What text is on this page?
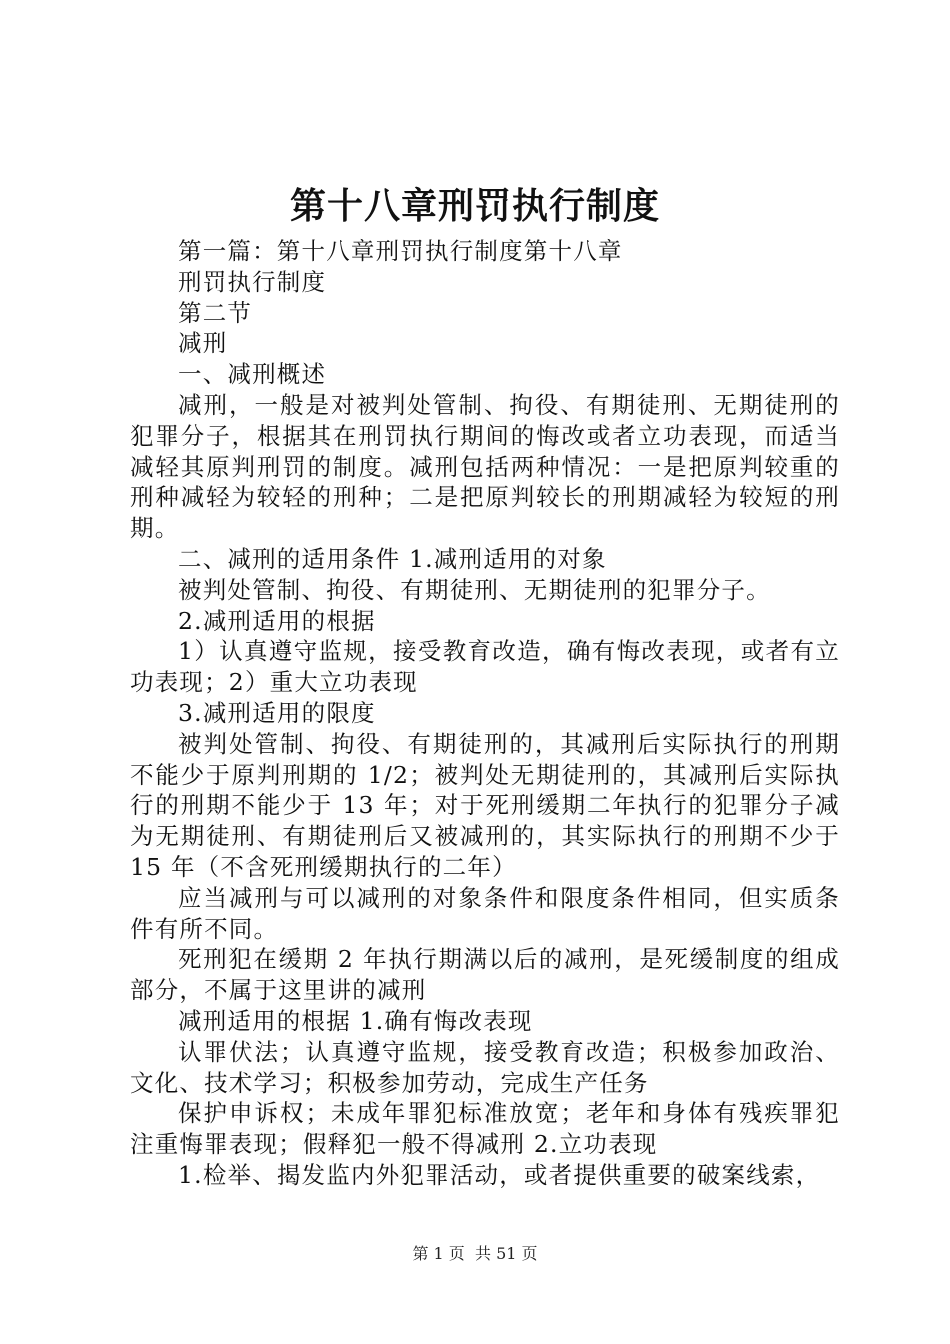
第十八章刑罚执行制度

第一篇：第十八章刑罚执行制度第十八章

刑罚执行制度

第二节

减刑

一、减刑概述

减刑，一般是对被判处管制、拘役、有期徒刑、无期徒刑的犯罪分子，根据其在刑罚执行期间的悔改或者立功表现，而适当减轻其原判刑罚的制度。减刑包括两种情况：一是把原判较重的刑种减轻为较轻的刑种；二是把原判较长的刑期减轻为较短的刑期。

二、减刑的适用条件 1.减刑适用的对象

被判处管制、拘役、有期徒刑、无期徒刑的犯罪分子。

2.减刑适用的根据

1）认真遵守监规，接受教育改造，确有悔改表现，或者有立功表现；2）重大立功表现

3.减刑适用的限度

被判处管制、拘役、有期徒刑的，其减刑后实际执行的刑期不能少于原判刑期的 1/2；被判处无期徒刑的，其减刑后实际执行的刑期不能少于 13 年；对于死刑缓期二年执行的犯罪分子减为无期徒刑、有期徒刑后又被减刑的，其实际执行的刑期不少于 15 年（不含死刑缓期执行的二年）

应当减刑与可以减刑的对象条件和限度条件相同，但实质条件有所不同。

死刑犯在缓期 2 年执行期满以后的减刑，是死缓制度的组成部分，不属于这里讲的减刑

减刑适用的根据 1.确有悔改表现

认罪伏法；认真遵守监规，接受教育改造；积极参加政治、文化、技术学习；积极参加劳动，完成生产任务

保护申诉权；未成年罪犯标准放宽；老年和身体有残疾罪犯注重悔罪表现；假释犯一般不得减刑 2.立功表现

1.检举、揭发监内外犯罪活动，或者提供重要的破案线索，

第 1 页 共 51 页
